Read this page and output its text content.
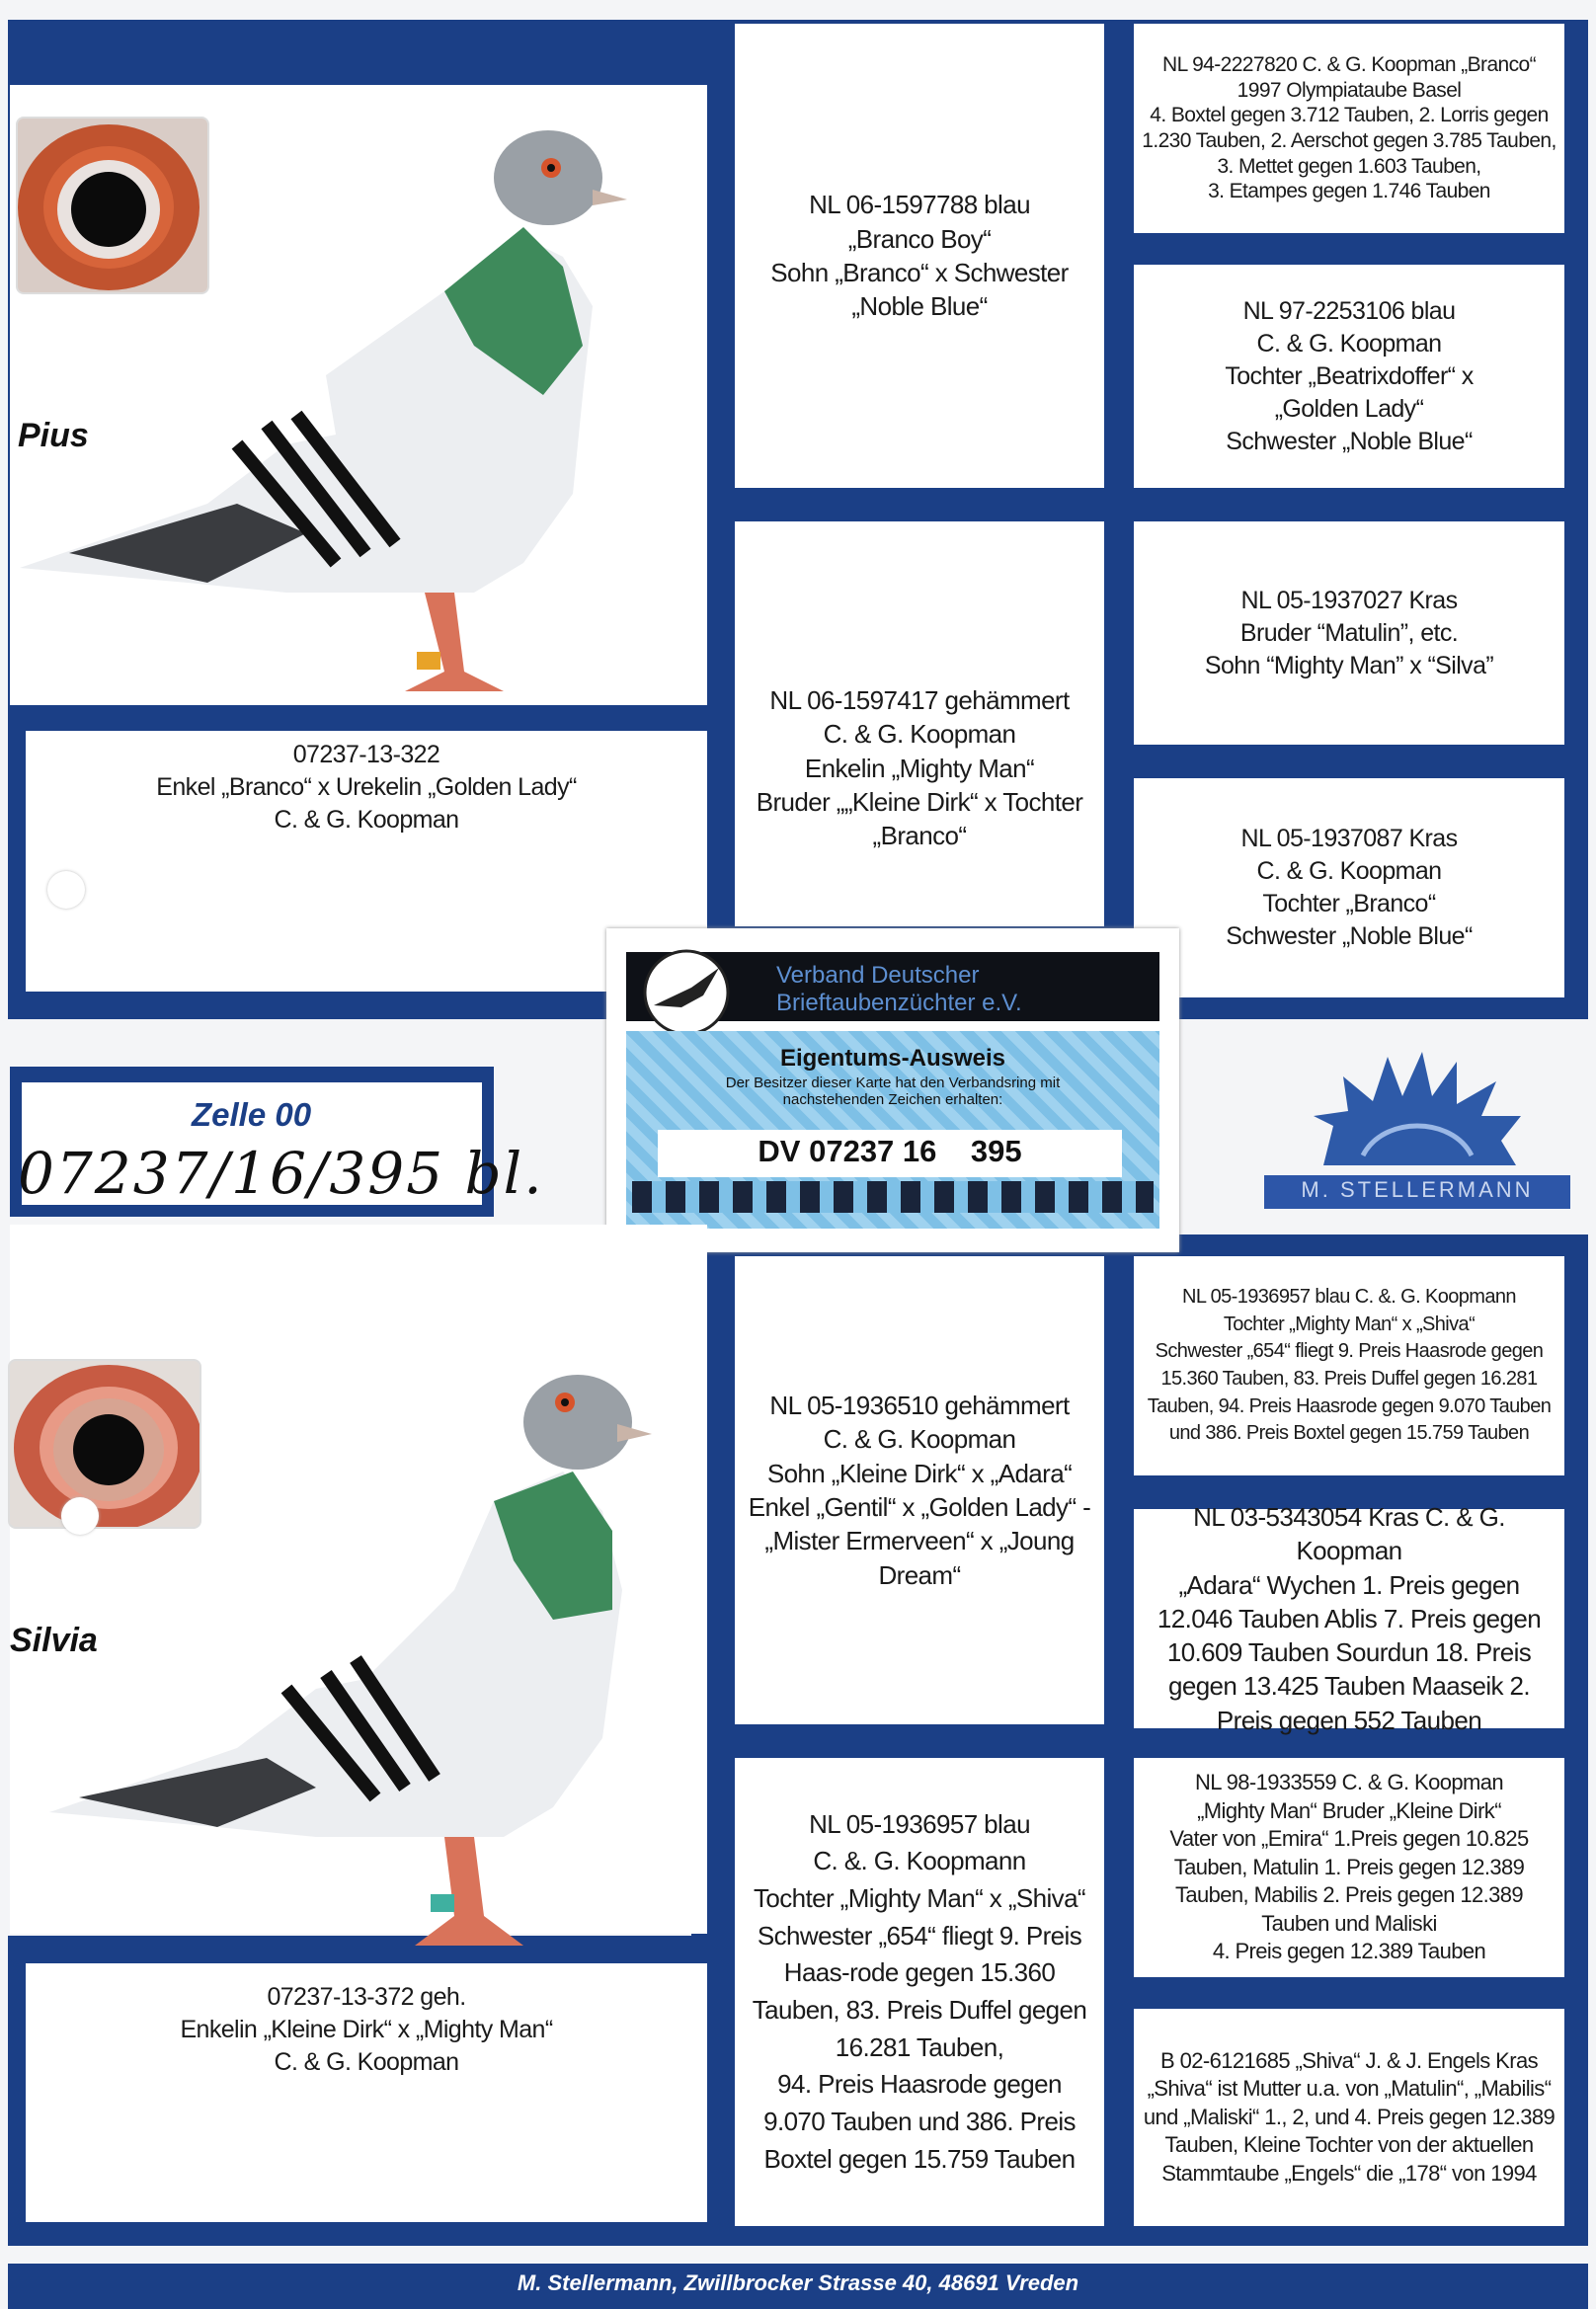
Pius
07237-13-322
Enkel „Branco“ x Urekelin „Golden Lady“
C. & G. Koopman
NL 06-1597788 blau
„Branco Boy“
Sohn „Branco“ x Schwester „Noble Blue“
NL 06-1597417 gehämmert
C. & G. Koopman
Enkelin „Mighty Man“
Bruder „„Kleine Dirk“ x Tochter „Branco“
NL 94-2227820 C. & G. Koopman „Branco“
1997 Olympiataube Basel
4. Boxtel gegen 3.712 Tauben, 2. Lorris gegen 1.230 Tauben, 2. Aerschot gegen 3.785 Tauben,
3. Mettet gegen 1.603 Tauben,
3. Etampes gegen 1.746 Tauben
NL 97-2253106 blau
C. & G. Koopman
Tochter „Beatrixdoffer“ x
„Golden Lady“
Schwester „Noble Blue“
NL 05-1937027 Kras
Bruder “Matulin”, etc.
Sohn “Mighty Man” x “Silva”
NL 05-1937087 Kras
C. & G. Koopman
Tochter „Branco“
Schwester „Noble Blue“
Zelle 00
07237/16/395 bl.
Verband Deutscher
Brieftaubenzüchter e.V.
Eigentums-Ausweis
Der Besitzer dieser Karte hat den Verbandsring mit nachstehenden Zeichen erhalten:
DV 07237 16    395
M. STELLERMANN
Silvia
07237-13-372 geh.
Enkelin „Kleine Dirk“ x „Mighty Man“
C. & G. Koopman
NL 05-1936510 gehämmert
C. & G. Koopman
Sohn „Kleine Dirk“ x „Adara“
Enkel „Gentil“ x „Golden Lady“ -
„Mister Ermerveen“ x „Joung Dream“
NL 05-1936957 blau
C. &. G. Koopmann
Tochter „Mighty Man“ x „Shiva“
Schwester „654“ fliegt 9. Preis Haas-rode gegen 15.360 Tauben, 83. Preis Duffel gegen 16.281 Tauben,
94. Preis Haasrode gegen 9.070 Tauben und 386. Preis Boxtel gegen 15.759 Tauben
NL 05-1936957 blau C. &. G. Koopmann
Tochter „Mighty Man“ x „Shiva“
Schwester „654“ fliegt 9. Preis Haasrode gegen 15.360 Tauben, 83. Preis Duffel gegen 16.281 Tauben, 94. Preis Haasrode gegen 9.070 Tauben und 386. Preis Boxtel gegen 15.759 Tauben
NL 03-5343054 Kras C. & G. Koopman
„Adara“ Wychen 1. Preis gegen 12.046 Tauben Ablis 7. Preis gegen 10.609 Tauben Sourdun 18. Preis gegen 13.425 Tauben Maaseik 2. Preis gegen 552 Tauben
NL 98-1933559 C. & G. Koopman
„Mighty Man“ Bruder „Kleine Dirk“
Vater von „Emira“ 1.Preis gegen 10.825 Tauben, Matulin 1. Preis gegen 12.389 Tauben, Mabilis 2. Preis gegen 12.389 Tauben und Maliski
4. Preis gegen 12.389 Tauben
B 02-6121685 „Shiva“ J. & J. Engels Kras
„Shiva“ ist Mutter u.a. von „Matulin“, „Mabilis“ und „Maliski“ 1., 2, und 4. Preis gegen 12.389 Tauben, Kleine Tochter von der aktuellen Stammtaube „Engels“ die „178“ von 1994
M. Stellermann, Zwillbrocker Strasse 40, 48691 Vreden
